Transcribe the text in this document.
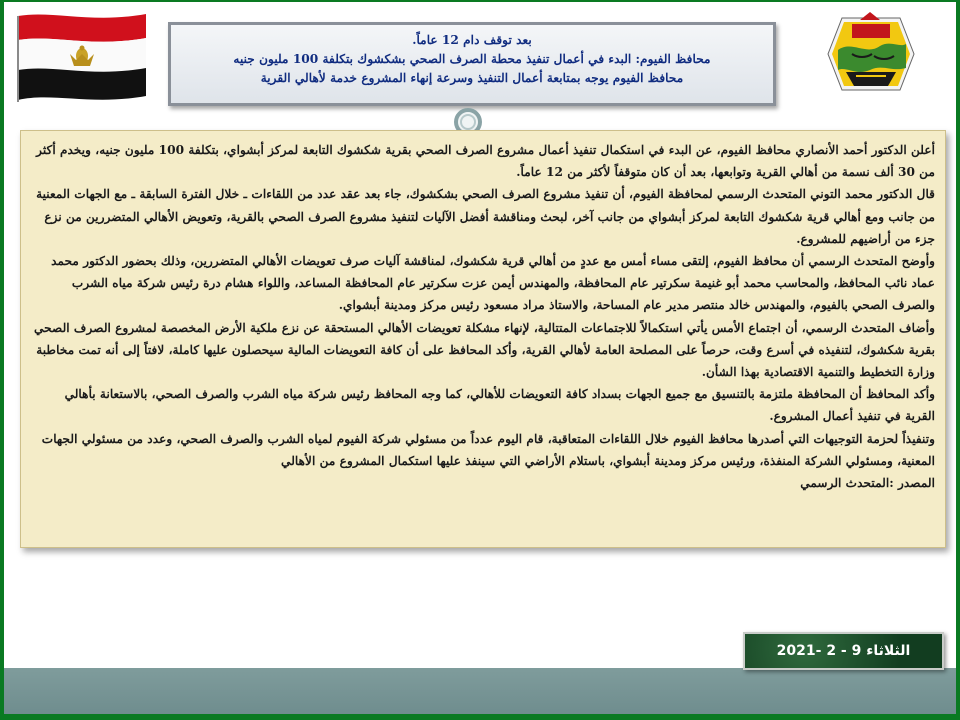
بعد توقف دام 12 عاماً.
محافظ الفيوم: البدء في أعمال تنفيذ محطة الصرف الصحي بشكشوك بتكلفة 100 مليون جنيه
محافظ الفيوم يوجه بمتابعة أعمال التنفيذ وسرعة إنهاء المشروع خدمة لأهالي القرية

أعلن الدكتور أحمد الأنصاري محافظ الفيوم، عن البدء في استكمال تنفيذ أعمال مشروع الصرف الصحي بقرية شكشوك التابعة لمركز أبشواي، بتكلفة 100 مليون جنيه، ويخدم أكثر من 30 ألف نسمة من أهالي القرية وتوابعها، بعد أن كان متوقفاً لأكثر من 12 عاماً.

قال الدكتور محمد التوني المتحدث الرسمي لمحافظة الفيوم، أن تنفيذ مشروع الصرف الصحي بشكشوك، جاء بعد عقد عدد من اللقاءات ـ خلال الفترة السابقة ـ مع الجهات المعنية من جانب ومع أهالي قرية شكشوك التابعة لمركز أبشواي من جانب آخر، لبحث ومناقشة أفضل الآليات لتنفيذ مشروع الصرف الصحي بالقرية، وتعويض الأهالي المتضررين من نزع جزء من أراضيهم للمشروع.

وأوضح المتحدث الرسمي أن محافظ الفيوم، إلتقى مساء أمس مع عددٍ من أهالي قرية شكشوك، لمناقشة آليات صرف تعويضات الأهالي المتضررين، وذلك بحضور الدكتور محمد عماد نائب المحافظ، والمحاسب محمد أبو غنيمة سكرتير عام المحافظة، والمهندس أيمن عزت سكرتير عام المحافظة المساعد، واللواء هشام درة رئيس شركة مياه الشرب والصرف الصحي بالفيوم، والمهندس خالد منتصر مدير عام المساحة، والاستاذ مراد مسعود رئيس مركز ومدينة أبشواي.

وأضاف المتحدث الرسمي، أن اجتماع الأمس يأتي استكمالاً للاجتماعات المتتالية، لإنهاء مشكلة تعويضات الأهالي المستحقة عن نزع ملكية الأرض المخصصة لمشروع الصرف الصحي بقرية شكشوك، لتنفيذه في أسرع وقت، حرصاً على المصلحة العامة لأهالي القرية، وأكد المحافظ على أن كافة التعويضات المالية سيحصلون عليها كاملة، لافتاً إلى أنه تمت مخاطبة وزارة التخطيط والتنمية الاقتصادية بهذا الشأن.

وأكد المحافظ أن المحافظة ملتزمة بالتنسيق مع جميع الجهات بسداد كافة التعويضات للأهالي، كما وجه المحافظ رئيس شركة مياه الشرب والصرف الصحي، بالاستعانة بأهالي القرية في تنفيذ أعمال المشروع.

وتنفيذاً لحزمة التوجيهات التي أصدرها محافظ الفيوم خلال اللقاءات المتعاقبة، قام اليوم عدداً من مسئولي شركة الفيوم لمياه الشرب والصرف الصحي، وعدد من مسئولي الجهات المعنية، ومسئولي الشركة المنفذة، ورئيس مركز ومدينة أبشواي، باستلام الأراضي التي سينفذ عليها استكمال المشروع من الأهالي

المصدر :المتحدث الرسمي

الثلاثاء 9 - 2 -2021
